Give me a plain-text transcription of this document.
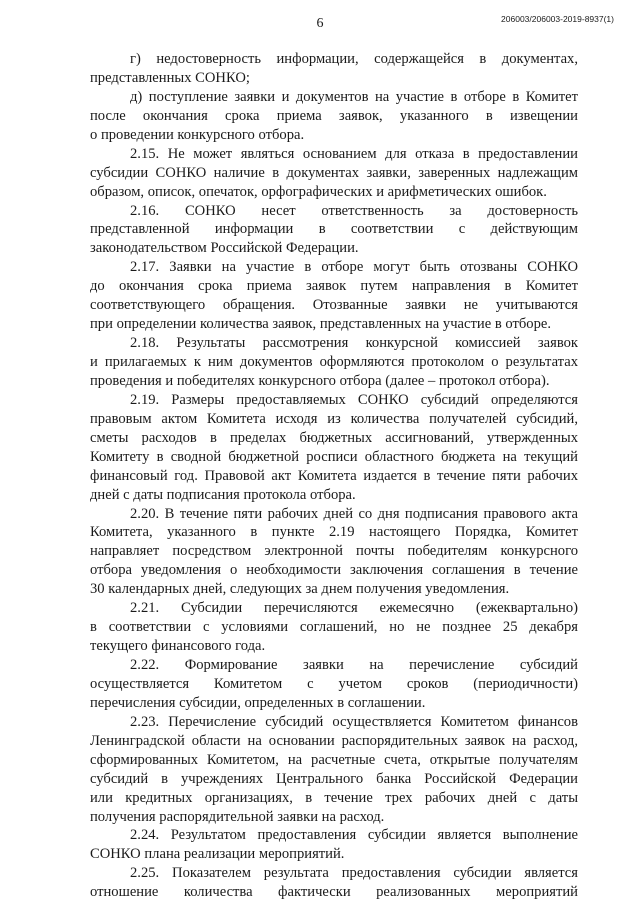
6	206003/206003-2019-8937(1)
г) недостоверность информации, содержащейся в документах,
представленных СОНКО;
д) поступление заявки и документов на участие в отборе в Комитет
после окончания срока приема заявок, указанного в извещении
о проведении конкурсного отбора.
2.15. Не может являться основанием для отказа в предоставлении
субсидии СОНКО наличие в документах заявки, заверенных надлежащим
образом, описок, опечаток, орфографических и арифметических ошибок.
2.16. СОНКО несет ответственность за достоверность
представленной информации в соответствии с действующим
законодательством Российской Федерации.
2.17. Заявки на участие в отборе могут быть отозваны СОНКО
до окончания срока приема заявок путем направления в Комитет
соответствующего обращения. Отозванные заявки не учитываются
при определении количества заявок, представленных на участие в отборе.
2.18. Результаты рассмотрения конкурсной комиссией заявок
и прилагаемых к ним документов оформляются протоколом о результатах
проведения и победителях конкурсного отбора (далее – протокол отбора).
2.19. Размеры предоставляемых СОНКО субсидий определяются
правовым актом Комитета исходя из количества получателей субсидий,
сметы расходов в пределах бюджетных ассигнований, утвержденных
Комитету в сводной бюджетной росписи областного бюджета на текущий
финансовый год. Правовой акт Комитета издается в течение пяти рабочих
дней с даты подписания протокола отбора.
2.20. В течение пяти рабочих дней со дня подписания правового акта
Комитета, указанного в пункте 2.19 настоящего Порядка, Комитет
направляет посредством электронной почты победителям конкурсного
отбора уведомления о необходимости заключения соглашения в течение
30 календарных дней, следующих за днем получения уведомления.
2.21. Субсидии перечисляются ежемесячно (ежеквартально)
в соответствии с условиями соглашений, но не позднее 25 декабря
текущего финансового года.
2.22. Формирование заявки на перечисление субсидий
осуществляется Комитетом с учетом сроков (периодичности)
перечисления субсидии, определенных в соглашении.
2.23. Перечисление субсидий осуществляется Комитетом финансов
Ленинградской области на основании распорядительных заявок на расход,
сформированных Комитетом, на расчетные счета, открытые получателям
субсидий в учреждениях Центрального банка Российской Федерации
или кредитных организациях, в течение трех рабочих дней с даты
получения распорядительной заявки на расход.
2.24. Результатом предоставления субсидии является выполнение
СОНКО плана реализации мероприятий.
2.25. Показателем результата предоставления субсидии является
отношение количества фактически реализованных мероприятий
